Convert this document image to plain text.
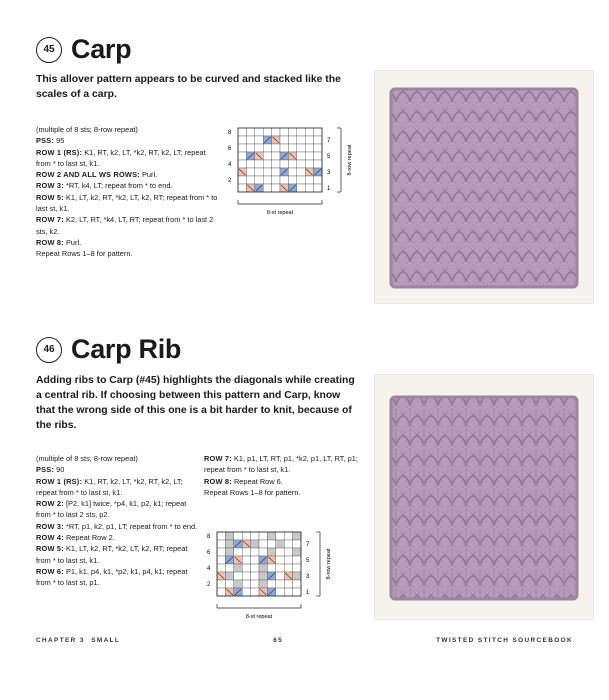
45 Carp
This allover pattern appears to be curved and stacked like the scales of a carp.

(multiple of 8 sts; 8-row repeat)

PSS: 95

ROW 1 (RS): K1, RT, k2, LT, *k2, RT, k2, LT; repeat from * to last st, k1.

ROW 2 AND ALL WS ROWS: Purl.

ROW 3: *RT, k4, LT; repeat from * to end.

ROW 5: K1, LT, k2, RT, *k2, LT, k2, RT; repeat from * to last st, k1.

ROW 7: K2, LT, RT, *k4, LT, RT; repeat from * to last 2 sts, k2.

ROW 8: Purl.

Repeat Rows 1–8 for pattern.

8
6
4
2
7
5
3
1
8-row repeat
8-st repeat
46 Carp Rib
Adding ribs to Carp (#45) highlights the diagonals while creating a central rib. If choosing between this pattern and Carp, know that the wrong side of this one is a bit harder to knit, because of the ribs.

(multiple of 8 sts; 8-row repeat)

PSS: 90

ROW 1 (RS): K1, RT, k2, LT, *k2, RT, k2, LT; repeat from * to last st, k1.

ROW 2: [P2, k1] twice, *p4, k1, p2, k1; repeat from * to last 2 sts, p2.

ROW 3: *RT, p1, k2, p1, LT; repeat from * to end.

ROW 4: Repeat Row 2.

ROW 5: K1, LT, k2, RT, *k2, LT, k2, RT; repeat from * to last st, k1.

ROW 6: P1, k1, p4, k1, *p2, k1, p4, k1; repeat from * to last st, p1.

ROW 7: K1, p1, LT, RT, p1, *k2, p1, LT, RT, p1; repeat from * to last st, k1.

ROW 8: Repeat Row 6.

Repeat Rows 1–8 for pattern.

8
6
4
2
7
5
3
1
8-row repeat
8-st repeat
CHAPTER 3 SMALL	65	TWISTED STITCH SOURCEBOOK
